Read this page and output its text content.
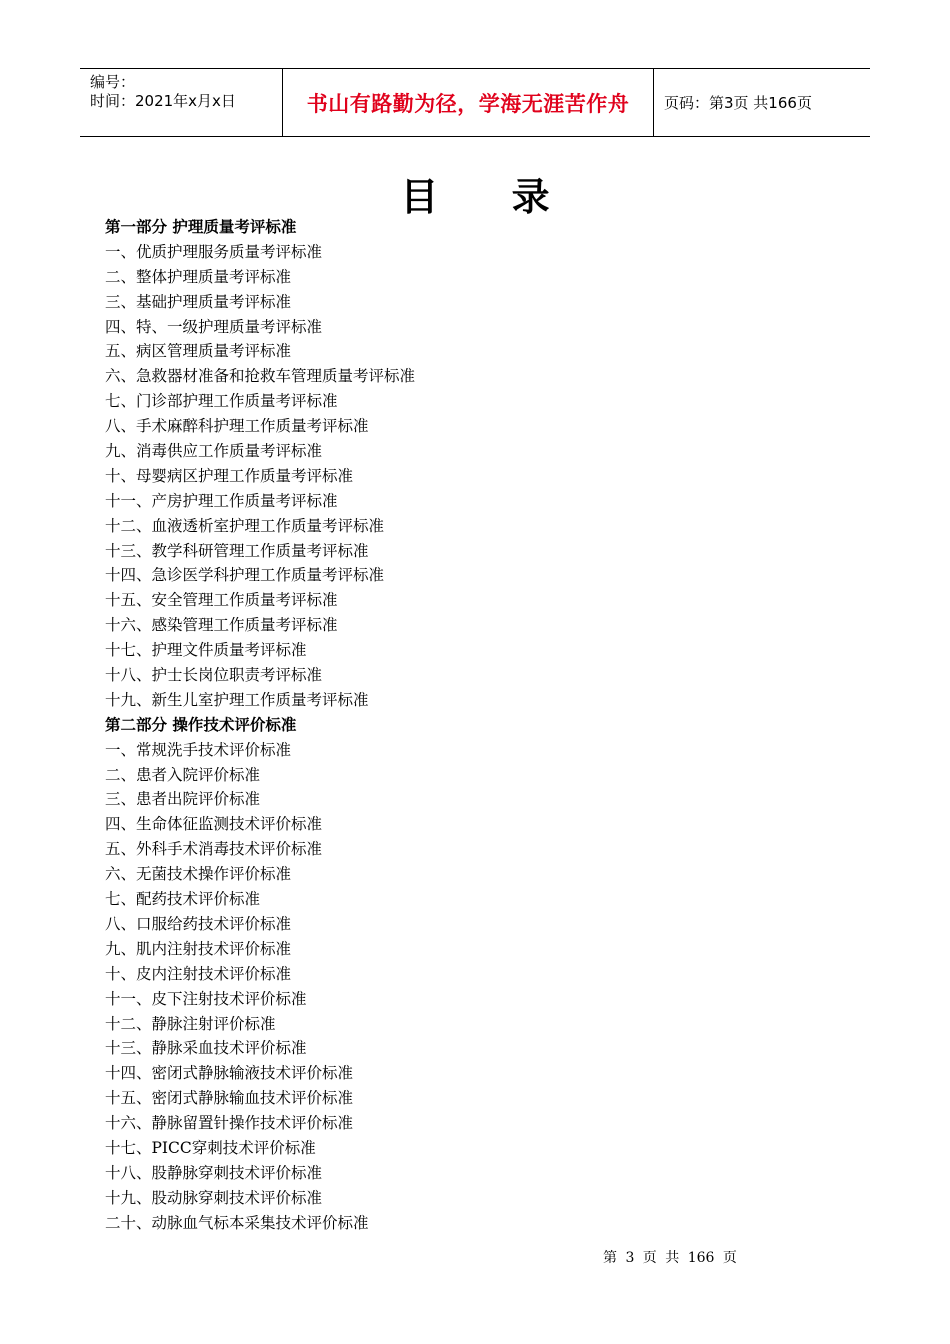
编号：
时间：2021年x月x日	书山有路勤为径，学海无涯苦作舟 页码：第3页 共166页
目 录
第一部分 护理质量考评标准
一、优质护理服务质量考评标准
二、整体护理质量考评标准
三、基础护理质量考评标准
四、特、一级护理质量考评标准
五、病区管理质量考评标准
六、急救器材准备和抢救车管理质量考评标准
七、门诊部护理工作质量考评标准
八、手术麻醉科护理工作质量考评标准
九、消毒供应工作质量考评标准
十、母婴病区护理工作质量考评标准
十一、产房护理工作质量考评标准
十二、血液透析室护理工作质量考评标准
十三、教学科研管理工作质量考评标准
十四、急诊医学科护理工作质量考评标准
十五、安全管理工作质量考评标准
十六、感染管理工作质量考评标准
十七、护理文件质量考评标准
十八、护士长岗位职责考评标准
十九、新生儿室护理工作质量考评标准
第二部分 操作技术评价标准
一、常规洗手技术评价标准
二、患者入院评价标准
三、患者出院评价标准
四、生命体征监测技术评价标准
五、外科手术消毒技术评价标准
六、无菌技术操作评价标准
七、配药技术评价标准
八、口服给药技术评价标准
九、肌内注射技术评价标准
十、皮内注射技术评价标准
十一、皮下注射技术评价标准
十二、静脉注射评价标准
十三、静脉采血技术评价标准
十四、密闭式静脉输液技术评价标准
十五、密闭式静脉输血技术评价标准
十六、静脉留置针操作技术评价标准
十七、PICC穿刺技术评价标准
十八、股静脉穿刺技术评价标准
十九、股动脉穿刺技术评价标准
二十、动脉血气标本采集技术评价标准
第 3 页 共 166 页
